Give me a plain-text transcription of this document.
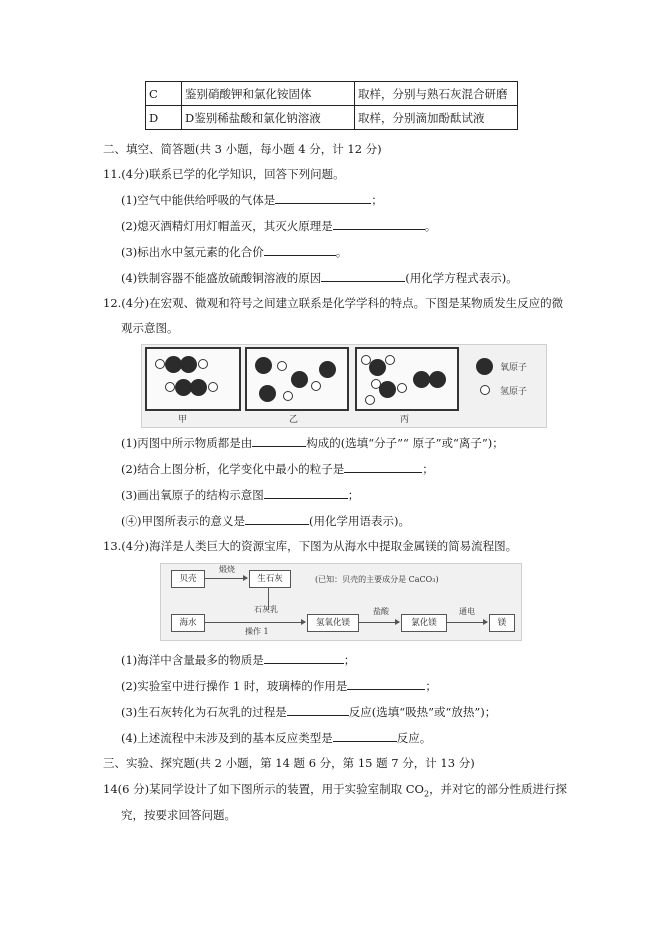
C	鉴别硝酸钾和氯化铵固体	取样，分别与熟石灰混合研磨
D	D鉴别稀盐酸和氯化钠溶液	取样，分别滴加酚酞试液
二、填空、简答题(共 3 小题，每小题 4 分，计 12 分)
11.(4分)联系已学的化学知识，回答下列问题。
(1)空气中能供给呼吸的气体是	；
(2)熄灭酒精灯用灯帽盖灭，其灭火原理是	。
(3)标出水中氢元素的化合价	。
(4)铁制容器不能盛放硫酸铜溶液的原因	(用化学方程式表示)。
12.(4分)在宏观、微观和符号之间建立联系是化学学科的特点。下图是某物质发生反应的微
观示意图。
甲	乙	丙
氧原子
氢原子
(1)丙图中所示物质都是由	构成的(选填“分子”“ 原子”或“离子”)；
(2)结合上图分析，化学变化中最小的粒子是	；
(3)画出氧原子的结构示意图	；
(④)甲图所表示的意义是	(用化学用语表示)。
13.(4分)海洋是人类巨大的资源宝库，下图为从海水中提取金属镁的简易流程图。
贝壳
煅烧
生石灰	(已知：贝壳的主要成分是 CaCO₃)
石灰乳
海水
操作 1
氢氧化镁
盐酸
氯化镁
通电
镁
(1)海洋中含量最多的物质是	；
(2)实验室中进行操作 1 时，玻璃棒的作用是	；
(3)生石灰转化为石灰乳的过程是	反应(选填“吸热”或“放热”)；
(4)上述流程中未涉及到的基本反应类型是	反应。
三、实验、探究题(共 2 小题，第 14 题 6 分，第 15 题 7 分，计 13 分)
14(6 分)某同学设计了如下图所示的装置，用于实验室制取 $CO_2$，并对它的部分性质进行探
究，按要求回答问题。
